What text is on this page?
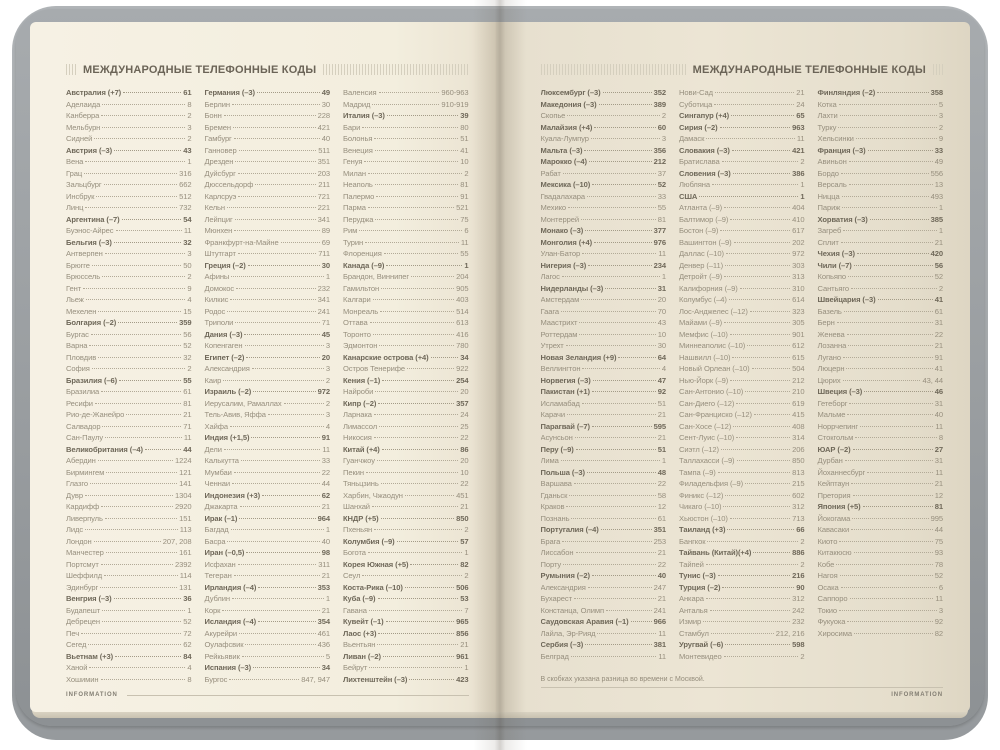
МЕЖДУНАРОДНЫЕ ТЕЛЕФОННЫЕ КОДЫ
Австралия (+7)	61
Аделаида	8
Канберра	2
Мельбурн	3
Сидней	2
Австрия (–3)	43
Вена	1
Грац	316
Зальцбург	662
Инсбрук	512
Линц	732
Аргентина (–7)	54
Буэнос-Айрес	11
Бельгия (–3)	32
Антверпен	3
Брюгге	50
Брюссель	2
Гент	9
Льеж	4
Мехелен	15
Болгария (–2)	359
Бургас	56
Варна	52
Пловдив	32
София	2
Бразилия (–6)	55
Бразилиа	61
Ресифи	81
Рио-де-Жанейро	21
Салвадор	71
Сан-Паулу	11
Великобритания (–4)	44
Абердин	1224
Бирмингем	121
Глазго	141
Дувр	1304
Кардифф	2920
Ливерпуль	151
Лидс	113
Лондон	207, 208
Манчестер	161
Портсмут	2392
Шеффилд	114
Эдинбург	131
Венгрия (–3)	36
Будапешт	1
Дебрецен	52
Печ	72
Сегед	62
Вьетнам (+3)	84
Ханой	4
Хошимин	8
Германия (–3)	49
Берлин	30
Бонн	228
Бремен	421
Гамбург	40
Ганновер	511
Дрезден	351
Дуйсбург	203
Дюссельдорф	211
Карлсруэ	721
Кельн	221
Лейпциг	341
Мюнхен	89
Франкфурт-на-Майне	69
Штутгарт	711
Греция (–2)	30
Афины	1
Домокос	232
Килкис	341
Родос	241
Триполи	71
Дания (–3)	45
Копенгаген	3
Египет (–2)	20
Александрия	3
Каир	2
Израиль (–2)	972
Иерусалим, Рамаллах	2
Тель-Авив, Яффа	3
Хайфа	4
Индия (+1,5)	91
Дели	11
Калькутта	33
Мумбаи	22
Ченнаи	44
Индонезия (+3)	62
Джакарта	21
Ирак (–1)	964
Багдад	1
Басра	40
Иран (–0,5)	98
Исфахан	311
Тегеран	21
Ирландия (–4)	353
Дублин	1
Корк	21
Исландия (–4)	354
Акурейри	461
Оулафсвик	436
Рейкьявик	5
Испания (–3)	34
Бургос	847, 947
Валенсия	960-963
Мадрид	910-919
Италия (–3)	39
Бари	80
Болонья	51
Венеция	41
Генуя	10
Милан	2
Неаполь	81
Палермо	91
Парма	521
Перуджа	75
Рим	6
Турин	11
Флоренция	55
Канада (–9)	1
Брандон, Виннипег	204
Гамильтон	905
Калгари	403
Монреаль	514
Оттава	613
Торонто	416
Эдмонтон	780
Канарские острова (+4)	34
Остров Тенерифе	922
Кения (–1)	254
Найроби	20
Кипр (–2)	357
Ларнака	24
Лимассол	25
Никосия	22
Китай (+4)	86
Гуанчжоу	20
Пекин	10
Тяньцзинь	22
Харбин, Чжаодун	451
Шанхай	21
КНДР (+5)	850
Пхеньян	2
Колумбия (–9)	57
Богота	1
Корея Южная (+5)	82
Сеул	2
Коста-Рика (–10)	506
Куба (–9)	53
Гавана	7
Кувейт (–1)	965
Лаос (+3)	856
Вьентьян	21
Ливан (–2)	961
Бейрут	1
Лихтенштейн (–3)	423
INFORMATION
МЕЖДУНАРОДНЫЕ ТЕЛЕФОННЫЕ КОДЫ
Люксембург (–3)	352
Македония (–3)	389
Скопье	2
Малайзия (+4)	60
Куала-Лумпур	3
Мальта (–3)	356
Марокко (–4)	212
Рабат	37
Мексика (–10)	52
Гвадалахара	33
Мехико	55
Монтеррей	81
Монако (–3)	377
Монголия (+4)	976
Улан-Батор	11
Нигерия (–3)	234
Лагос	1
Нидерланды (–3)	31
Амстердам	20
Гаага	70
Маастрихт	43
Роттердам	10
Утрехт	30
Новая Зеландия (+9)	64
Веллингтон	4
Норвегия (–3)	47
Пакистан (+1)	92
Исламабад	51
Карачи	21
Парагвай (–7)	595
Асунсьон	21
Перу (–9)	51
Лима	1
Польша (–3)	48
Варшава	22
Гданьск	58
Краков	12
Познань	61
Португалия (–4)	351
Брага	253
Лиссабон	21
Порту	22
Румыния (–2)	40
Александрия	247
Бухарест	21
Констанца, Олимп	241
Саудовская Аравия (–1)	966
Лайла, Эр-Рияд	11
Сербия (–3)	381
Белград	11
Нови-Сад	21
Суботица	24
Сингапур (+4)	65
Сирия (–2)	963
Дамаск	11
Словакия (–3)	421
Братислава	2
Словения (–3)	386
Любляна	1
США	1
Атланта (–9)	404
Балтимор (–9)	410
Бостон (–9)	617
Вашингтон (–9)	202
Даллас (–10)	972
Денвер (–11)	303
Детройт (–9)	313
Калифорния (–9)	310
Колумбус (–4)	614
Лос-Анджелес (–12)	323
Майами (–9)	305
Мемфис (–10)	901
Миннеаполис (–10)	612
Нашвилл (–10)	615
Новый Орлеан (–10)	504
Нью-Йорк (–9)	212
Сан-Антонио (–10)	210
Сан-Диего (–12)	619
Сан-Франциско (–12)	415
Сан-Хосе (–12)	408
Сент-Луис (–10)	314
Сиэтл (–12)	206
Таллахасси (–9)	850
Тампа (–9)	813
Филадельфия (–9)	215
Финикс (–12)	602
Чикаго (–10)	312
Хьюстон (–10)	713
Таиланд (+3)	66
Бангкок	2
Тайвань (Китай)(+4)	886
Тайпей	2
Тунис (–3)	216
Турция (–2)	90
Анкара	312
Анталья	242
Измир	232
Стамбул	212, 216
Уругвай (–6)	598
Монтевидео	2
Финляндия (–2)	358
Котка	5
Лахти	3
Турку	2
Хельсинки	9
Франция (–3)	33
Авиньон	49
Бордо	556
Версаль	13
Ницца	493
Париж	1
Хорватия (–3)	385
Загреб	1
Сплит	21
Чехия (–3)	420
Чили (–7)	56
Копьяпо	52
Сантьяго	2
Швейцария (–3)	41
Базель	61
Берн	31
Женева	22
Лозанна	21
Лугано	91
Люцерн	41
Цюрих	43, 44
Швеция (–3)	46
Гетеборг	31
Мальме	40
Норрчепинг	11
Стокгольм	8
ЮАР (–2)	27
Дурбан	31
Йоханнесбург	11
Кейптаун	21
Претория	12
Япония (+5)	81
Йокогама	995
Кавасаки	44
Киото	75
Китакюсю	93
Кобе	78
Нагоя	52
Осака	6
Саппоро	11
Токио	3
Фукуока	92
Хиросима	82
В скобках указана разница во времени с Москвой.
INFORMATION
